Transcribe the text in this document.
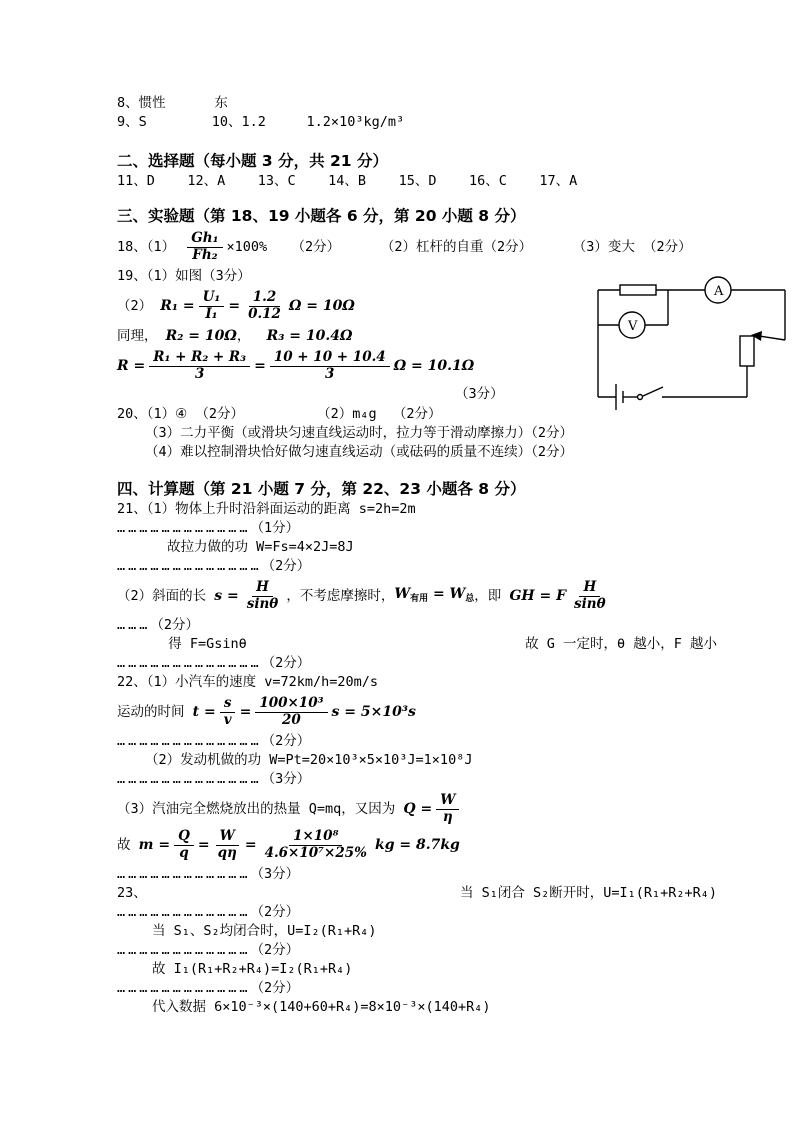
8、惯性      东
9、S        10、1.2     1.2×10³kg/m³
二、选择题（每小题 3 分，共 21 分）
11、D    12、A    13、C    14、B    15、D    16、C    17、A
三、实验题（第 18、19 小题各 6 分，第 20 小题 8 分）
18、$(1) \frac{\text{Gh₁}}{\text{Fh₂}} \times 100\%$   （2分）     （2）杠杆的自重（2分）     （3）变大 （2分）
19、（1）如图（3分）
（2） $R_1 = \frac{\text{U₁}}{\text{I₁}} = \frac{1.2}{0.12}$ Ω = 10Ω
同理， R₂ = 10Ω ， R₃ = 10.4Ω
$R = \frac{\text{R₁ + R₂ + R₃}}{3} = \frac{10 + 10 + 10.4}{3}$ Ω = 10.1Ω
（3分）
20、（1）④ （2分）         （2）m₄g  （2分）
（3）二力平衡（或滑块匀速直线运动时，拉力等于滑动摩擦力）（2分）
（4）难以控制滑块恰好做匀速直线运动（或砝码的质量不连续）（2分）
四、计算题（第 21 小题 7 分，第 22、23 小题各 8 分）
21、（1）物体上升时沿斜面运动的距离 s=2h=2m
………………………………（1分）
故拉力做的功 W=Fs=4×2J=8J
…………………………………（2分）
（2）斜面的长 $s = \frac{H}{\sin\theta}$ ，不考虑摩擦时， $W_{有用} = W_总$ ，即 GH = F $\frac{H}{\sin\theta}$
………（2分）
得 F=Gsinθ	故 G 一定时，θ 越小，F 越小
…………………………………（2分）
22、（1）小汽车的速度 v=72km/h=20m/s
运动的时间 $t = \frac{s}{v} = \frac{\text{100×10³}}{20}$ s = 5×10³s
…………………………………（2分）
（2）发动机做的功 W=Pt=20×10³×5×10³J=1×10⁸J
…………………………………（3分）
（3）汽油完全燃烧放出的热量 Q=mq，又因为 $Q = \frac{W}{\eta}$
故 $m = \frac{Q}{q} = \frac{W}{q\eta} = \frac{\text{1×10⁸}}{\text{4.6×10⁷×25\%}}$ kg = 8.7kg
………………………………（3分）
23、	当 S₁闭合 S₂断开时，U=I₁(R₁+R₂+R₄)
………………………………（2分）
当 S₁、S₂均闭合时，U=I₂(R₁+R₄)
………………………………（2分）
故 I₁(R₁+R₂+R₄)=I₂(R₁+R₄)
………………………………（2分）
代入数据 6×10⁻³×(140+60+R₄)=8×10⁻³×(140+R₄)
A
V
